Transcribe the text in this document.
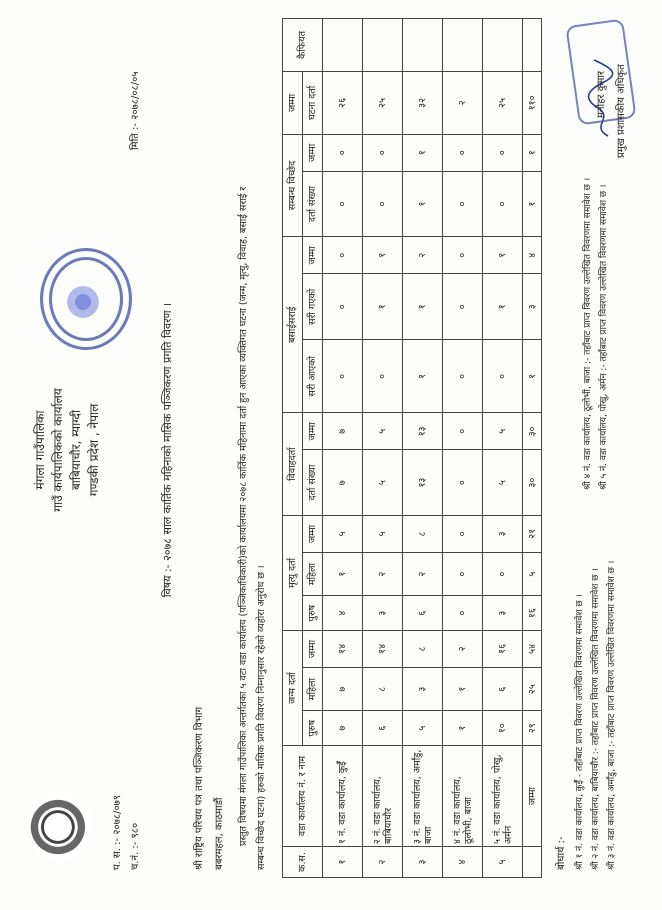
मंगला गाउँपालिका गाउँ कार्यपालिकको कार्यालय बाबियाचौर, म्याग्दी गण्डकी प्रदेश , नेपाल
प. स. :- २०७८/०७९ च.नं. :- ९८०
मिति :- २०७८/०८/०५
विषय :- २०७८ साल कार्तिक महिनाको मासिक पञ्जिकरण प्रगति विवरण ।
श्री राष्ट्रिय परिचय पत्र तथा पञ्जिकरण विभाग बबरमहल, काठमाडौं प्रस्तुत विषयमा मंगला गाउँपालिका अन्तर्गतका ५ वटा वडा कार्यालय (पञ्जिकाधिकारी)को कार्यालयमा २०७८ कार्तिक महिनामा दर्ता हुन आएका व्यक्तिगत घटना (जन्म, मृत्यु, विवाह, बसाईं सराई र सम्बन्ध विच्छेद घटना) हरुको मासिक प्रगति विवरण निम्नानुसार रहेको व्यहोरा अनुरोध छ ।	क.स.	वडा कार्यालय नं. र नाम	जन्म दर्ता			मृत्यु दर्ता			विवाहदर्ता		बसाईसराई			सम्बन्ध विच्छेद		जम्मा	कैफियत
		पुरुष	महिला	जम्मा	पुरुष	महिला	जम्मा	दर्ता संख्या	जम्मा	सरी आएको	सरी गएको	जम्मा	दर्ता संख्या	जम्मा	घटना दर्ता	
१	१ नं. वडा कार्यालय, कुईँ	७	७	१४	४	१	५	७	७	०	०	०	०	०	२६	
२	२ नं. वडा कार्यालय, बाबियाचौर	६	८	१४	३	२	५	५	५	०	१	१	०	०	२५	
३	३ नं. वडा कार्यालय, अर्मांडु, बाजा	५	३	८	६	२	८	१३	१३	१	१	२	१	१	३२	
४	४ नं. वडा कार्यालय, ठूलोभी, बाजा	१	१	२	०	०	०	०	०	०	०	०	०	०	२	
५	५ नं. वडा कार्यालय, पोखु, अर्मन	१०	६	१६	३	०	३	५	५	०	१	१	०	०	२५	
	जम्मा	२९	२५	५४	१६	५	२१	३०	३०	१	३	४	१	१	११०		मनोहर कुमार प्रमुख प्रशासकीय अधिकृत
बोधार्थ :- श्री १ नं. वडा कार्यालय, कुईँ - तहाँबाट प्राप्त विवरण उल्लेखित विवरणमा समावेश छ । श्री २ नं. वडा कार्यालय, बाबियाचौर :- तहाँबाट प्राप्त विवरण उल्लेखित विवरणमा समावेश छ । श्री ३ नं. वडा कार्यालय, अर्मांडु, बाजा :- तहाँबाट प्राप्त विवरण उल्लेखित विवरणमा समावेश छ ।
श्री ४ नं. वडा कार्यालय, ठूलोभी, बाजा :- तहाँबाट प्राप्त विवरण उल्लेखित विवरणमा समावेश छ । श्री ५ नं. वडा कार्यालय, पोखु, अर्मन :- तहाँबाट प्राप्त विवरण उल्लेखित विवरणमा समावेश छ ।
